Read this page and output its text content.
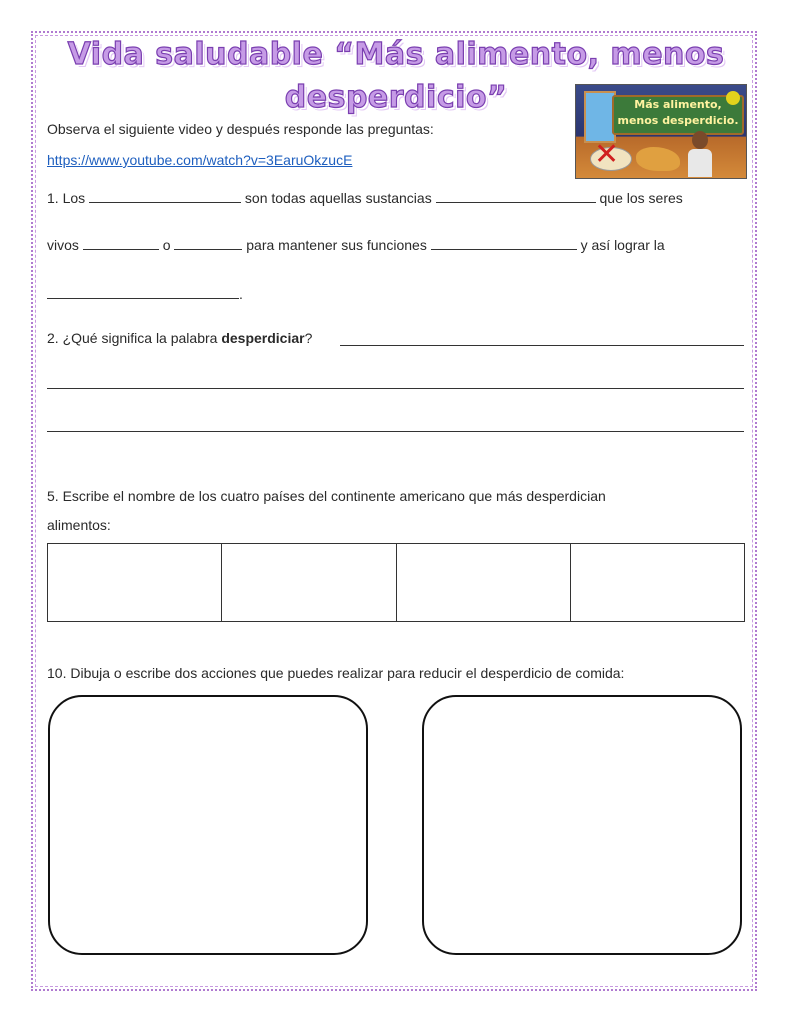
Vida saludable “Más alimento, menos
desperdicio”	Más alimento,
menos desperdicio.
✕
Observa el siguiente video y después responde las preguntas:
https://www.youtube.com/watch?v=3EaruOkzucE
1. Los	son todas aquellas sustancias	que los seres
vivos	o	para mantener sus funciones	y así lograr la
.
2. ¿Qué significa la palabra desperdiciar?
5. Escribe el nombre de los cuatro países del continente americano que más desperdician
alimentos:
10. Dibuja o escribe dos acciones que puedes realizar para reducir el desperdicio de comida:
